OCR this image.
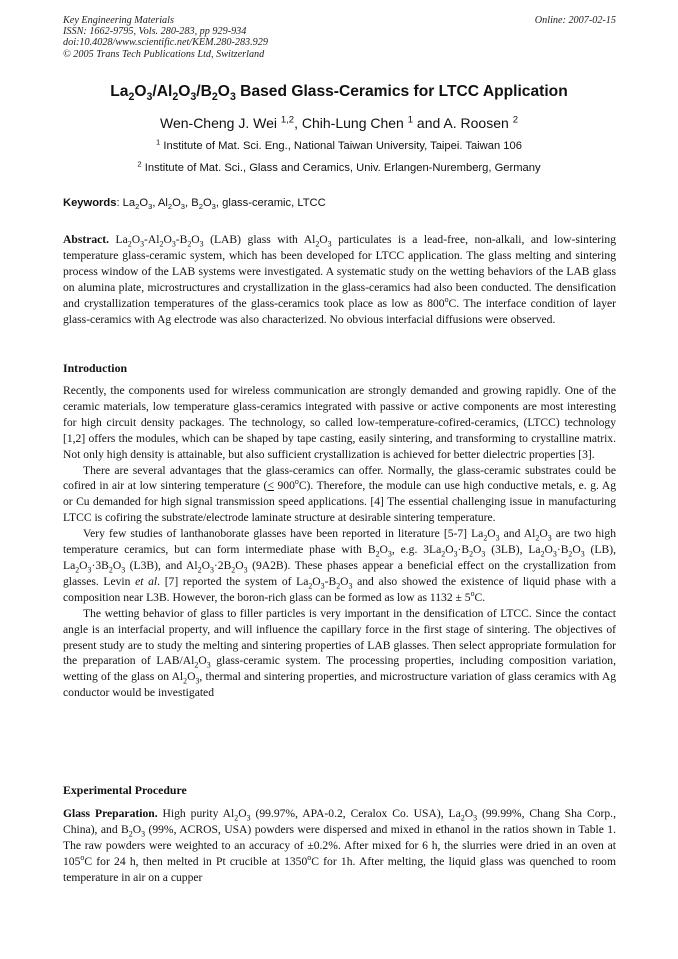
Key Engineering Materials
ISSN: 1662-9795, Vols. 280-283, pp 929-934
doi:10.4028/www.scientific.net/KEM.280-283.929
© 2005 Trans Tech Publications Ltd, Switzerland
Online: 2007-02-15
$La_2O_3/Al_2O_3/B_2O_3$ Based Glass-Ceramics for LTCC Application
Wen-Cheng J. Wei $^{1,2}$, Chih-Lung Chen $^1$ and A. Roosen $^2$
$^1$ Institute of Mat. Sci. Eng., National Taiwan University, Taipei. Taiwan 106
$^2$ Institute of Mat. Sci., Glass and Ceramics, Univ. Erlangen-Nuremberg, Germany
Keywords: $La_2O_3$, $Al_2O_3$, $B_2O_3$, glass-ceramic, LTCC

Abstract. $La_2O_3-Al_2O_3-B_2O_3$ (LAB) glass with $Al_2O_3$ particulates is a lead-free, non-alkali, and low-sintering temperature glass-ceramic system, which has been developed for LTCC application. The glass melting and sintering process window of the LAB systems were investigated. A systematic study on the wetting behaviors of the LAB glass on alumina plate, microstructures and crystallization in the glass-ceramics had also been conducted. The densification and crystallization temperatures of the glass-ceramics took place as low as 800$^o$C. The interface condition of layer glass-ceramics with Ag electrode was also characterized. No obvious interfacial diffusions were observed.

Introduction

Recently, the components used for wireless communication are strongly demanded and growing rapidly. One of the ceramic materials, low temperature glass-ceramics integrated with passive or active components are most interesting for high circuit density packages. The technology, so called low-temperature-cofired-ceramics, (LTCC) technology [1,2] offers the modules, which can be shaped by tape casting, easily sintering, and transforming to crystalline matrix. Not only high density is attainable, but also sufficient crystallization is achieved for better dielectric properties [3].

There are several advantages that the glass-ceramics can offer. Normally, the glass-ceramic substrates could be cofired in air at low sintering temperature (< $900^oC$). Therefore, the module can use high conductive metals, e. g. Ag or Cu demanded for high signal transmission speed applications. [4] The essential challenging issue in manufacturing LTCC is cofiring the substrate/electrode laminate structure at desirable sintering temperature.

Very few studies of lanthanoborate glasses have been reported in literature [5-7] $La_2O_3$ and $Al_2O_3$ are two high temperature ceramics, but can form intermediate phase with $B_2O_3$, e.g. $3La_2O_3\cdot B_2O_3$ (3LB), $La_2O_3\cdot B_2O_3$ (LB), $La_2O_3\cdot 3B_2O_3$ (L3B), and $Al_2O_3\cdot 2B_2O_3$ (9A2B). These phases appear a beneficial effect on the crystallization from glasses. Levin et al. [7] reported the system of $La_2O_3-B_2O_3$ and also showed the existence of liquid phase with a composition near L3B. However, the boron-rich glass can be formed as low as $1132 \pm 5^oC$.

The wetting behavior of glass to filler particles is very important in the densification of LTCC. Since the contact angle is an interfacial property, and will influence the capillary force in the first stage of sintering. The objectives of present study are to study the melting and sintering properties of LAB glasses. Then select appropriate formulation for the preparation of LAB/$Al_2O_3$ glass-ceramic system. The processing properties, including composition variation, wetting of the glass on $Al_2O_3$, thermal and sintering properties, and microstructure variation of glass ceramics with Ag conductor would be investigated

Experimental Procedure

Glass Preparation. High purity $Al_2O_3$ (99.97%, APA-0.2, Ceralox Co. USA), $La_2O_3$ (99.99%, Chang Sha Corp., China), and $B_2O_3$ (99%, ACROS, USA) powders were dispersed and mixed in ethanol in the ratios shown in Table 1. The raw powders were weighted to an accuracy of ±0.2%. After mixed for 6 h, the slurries were dried in an oven at 105$^o$C for 24 h, then melted in Pt crucible at 1350$^o$C for 1h. After melting, the liquid glass was quenched to room temperature in air on a cupper
